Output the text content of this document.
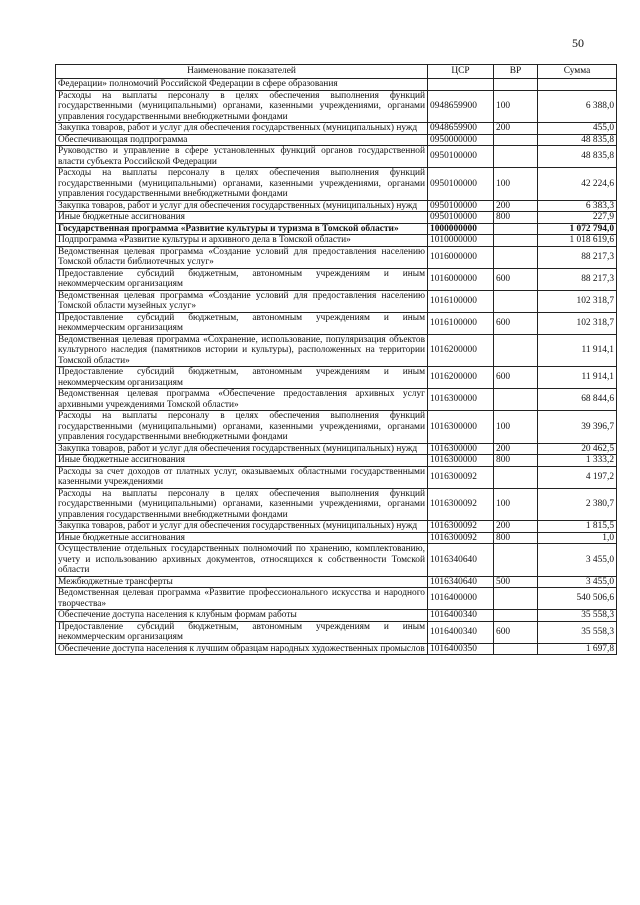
50
Наименование показателей	ЦСР	ВР	Сумма
Федерации» полномочий Российской Федерации в сфере образования			
Расходы на выплаты персоналу в целях обеспечения выполнения функций государственными (муниципальными) органами, казенными учреждениями, органами управления государственными внебюджетными фондами	0948659900	100	6 388,0
Закупка товаров, работ и услуг для обеспечения государственных (муниципальных) нужд	0948659900	200	455,0
Обеспечивающая подпрограмма	0950000000		48 835,8
Руководство и управление в сфере установленных функций органов государственной власти субъекта Российской Федерации	0950100000		48 835,8
Расходы на выплаты персоналу в целях обеспечения выполнения функций государственными (муниципальными) органами, казенными учреждениями, органами управления государственными внебюджетными фондами	0950100000	100	42 224,6
Закупка товаров, работ и услуг для обеспечения государственных (муниципальных) нужд	0950100000	200	6 383,3
Иные бюджетные ассигнования	0950100000	800	227,9
Государственная программа «Развитие культуры и туризма в Томской области»	1000000000		1 072 794,0
Подпрограмма «Развитие культуры и архивного дела в Томской области»	1010000000		1 018 619,6
Ведомственная целевая программа «Создание условий для предоставления населению Томской области библиотечных услуг»	1016000000		88 217,3
Предоставление субсидий бюджетным, автономным учреждениям и иным некоммерческим организациям	1016000000	600	88 217,3
Ведомственная целевая программа «Создание условий для предоставления населению Томской области музейных услуг»	1016100000		102 318,7
Предоставление субсидий бюджетным, автономным учреждениям и иным некоммерческим организациям	1016100000	600	102 318,7
Ведомственная целевая программа «Сохранение, использование, популяризация объектов культурного наследия (памятников истории и культуры), расположенных на территории Томской области»	1016200000		11 914,1
Предоставление субсидий бюджетным, автономным учреждениям и иным некоммерческим организациям	1016200000	600	11 914,1
Ведомственная целевая программа «Обеспечение предоставления архивных услуг архивными учреждениями Томской области»	1016300000		68 844,6
Расходы на выплаты персоналу в целях обеспечения выполнения функций государственными (муниципальными) органами, казенными учреждениями, органами управления государственными внебюджетными фондами	1016300000	100	39 396,7
Закупка товаров, работ и услуг для обеспечения государственных (муниципальных) нужд	1016300000	200	20 462,5
Иные бюджетные ассигнования	1016300000	800	1 333,2
Расходы за счет доходов от платных услуг, оказываемых областными государственными казенными учреждениями	1016300092		4 197,2
Расходы на выплаты персоналу в целях обеспечения выполнения функций государственными (муниципальными) органами, казенными учреждениями, органами управления государственными внебюджетными фондами	1016300092	100	2 380,7
Закупка товаров, работ и услуг для обеспечения государственных (муниципальных) нужд	1016300092	200	1 815,5
Иные бюджетные ассигнования	1016300092	800	1,0
Осуществление отдельных государственных полномочий по хранению, комплектованию, учету и использованию архивных документов, относящихся к собственности Томской области	1016340640		3 455,0
Межбюджетные трансферты	1016340640	500	3 455,0
Ведомственная целевая программа «Развитие профессионального искусства и народного творчества»	1016400000		540 506,6
Обеспечение доступа населения к клубным формам работы	1016400340		35 558,3
Предоставление субсидий бюджетным, автономным учреждениям и иным некоммерческим организациям	1016400340	600	35 558,3
Обеспечение доступа населения к лучшим образцам народных художественных промыслов	1016400350		1 697,8
